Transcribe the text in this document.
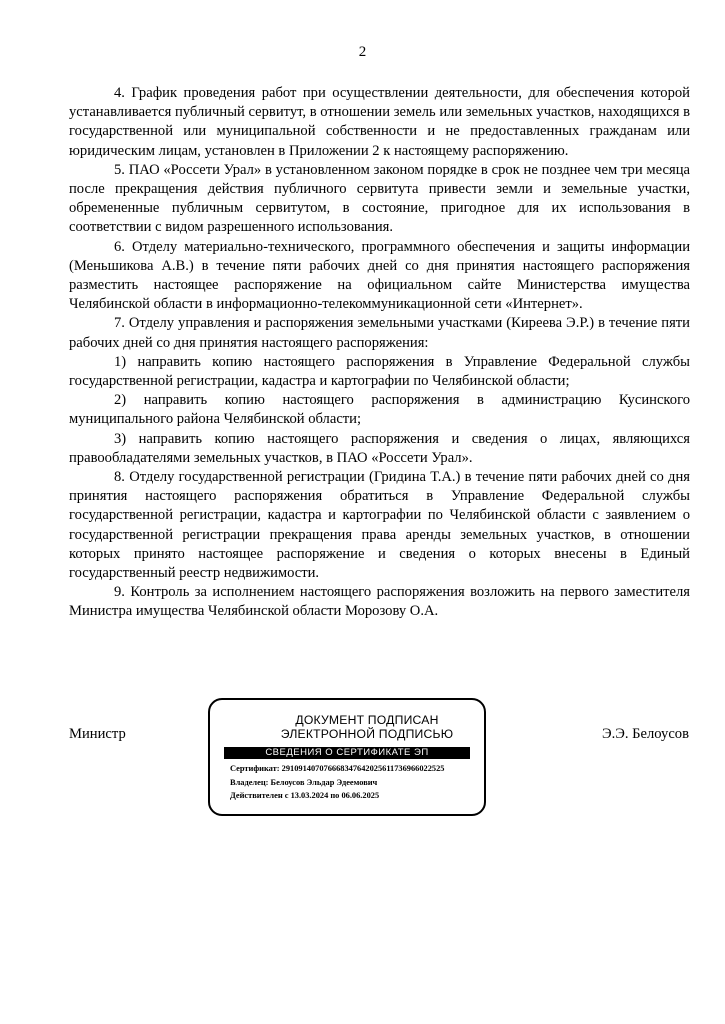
2

4. График проведения работ при осуществлении деятельности, для обеспечения которой устанавливается публичный сервитут, в отношении земель или земельных участков, находящихся в государственной или муниципальной собственности и не предоставленных гражданам или юридическим лицам, установлен в Приложении 2 к настоящему распоряжению.

5. ПАО «Россети Урал» в установленном законом порядке в срок не позднее чем три месяца после прекращения действия публичного сервитута привести земли и земельные участки, обремененные публичным сервитутом, в состояние, пригодное для их использования в соответствии с видом разрешенного использования.

6. Отделу материально-технического, программного обеспечения и защиты информации (Меньшикова А.В.) в течение пяти рабочих дней со дня принятия настоящего распоряжения разместить настоящее распоряжение на официальном сайте Министерства имущества Челябинской области в информационно-телекоммуникационной сети «Интернет».

7. Отделу управления и распоряжения земельными участками (Киреева Э.Р.) в течение пяти рабочих дней со дня принятия настоящего распоряжения:

1) направить копию настоящего распоряжения в Управление Федеральной службы государственной регистрации, кадастра и картографии по Челябинской области;

2) направить копию настоящего распоряжения в администрацию Кусинского муниципального района Челябинской области;

3) направить копию настоящего распоряжения и сведения о лицах, являющихся правообладателями земельных участков, в ПАО «Россети Урал».

8. Отделу государственной регистрации (Гридина Т.А.) в течение пяти рабочих дней со дня принятия настоящего распоряжения обратиться в Управление Федеральной службы государственной регистрации, кадастра и картографии по Челябинской области с заявлением о государственной регистрации прекращения права аренды земельных участков, в отношении которых принято настоящее распоряжение и сведения о которых внесены в Единый государственный реестр недвижимости.

9. Контроль за исполнением настоящего распоряжения возложить на первого заместителя Министра имущества Челябинской области Морозову О.А.

Министр
ДОКУМЕНТ ПОДПИСАН
ЭЛЕКТРОННОЙ ПОДПИСЬЮ
СВЕДЕНИЯ О СЕРТИФИКАТЕ ЭП
Сертификат: 291091407076668347642025611736966022525
Владелец: Белоусов Эльдар Эдеемович
Действителен с 13.03.2024 по 06.06.2025
Э.Э. Белоусов
